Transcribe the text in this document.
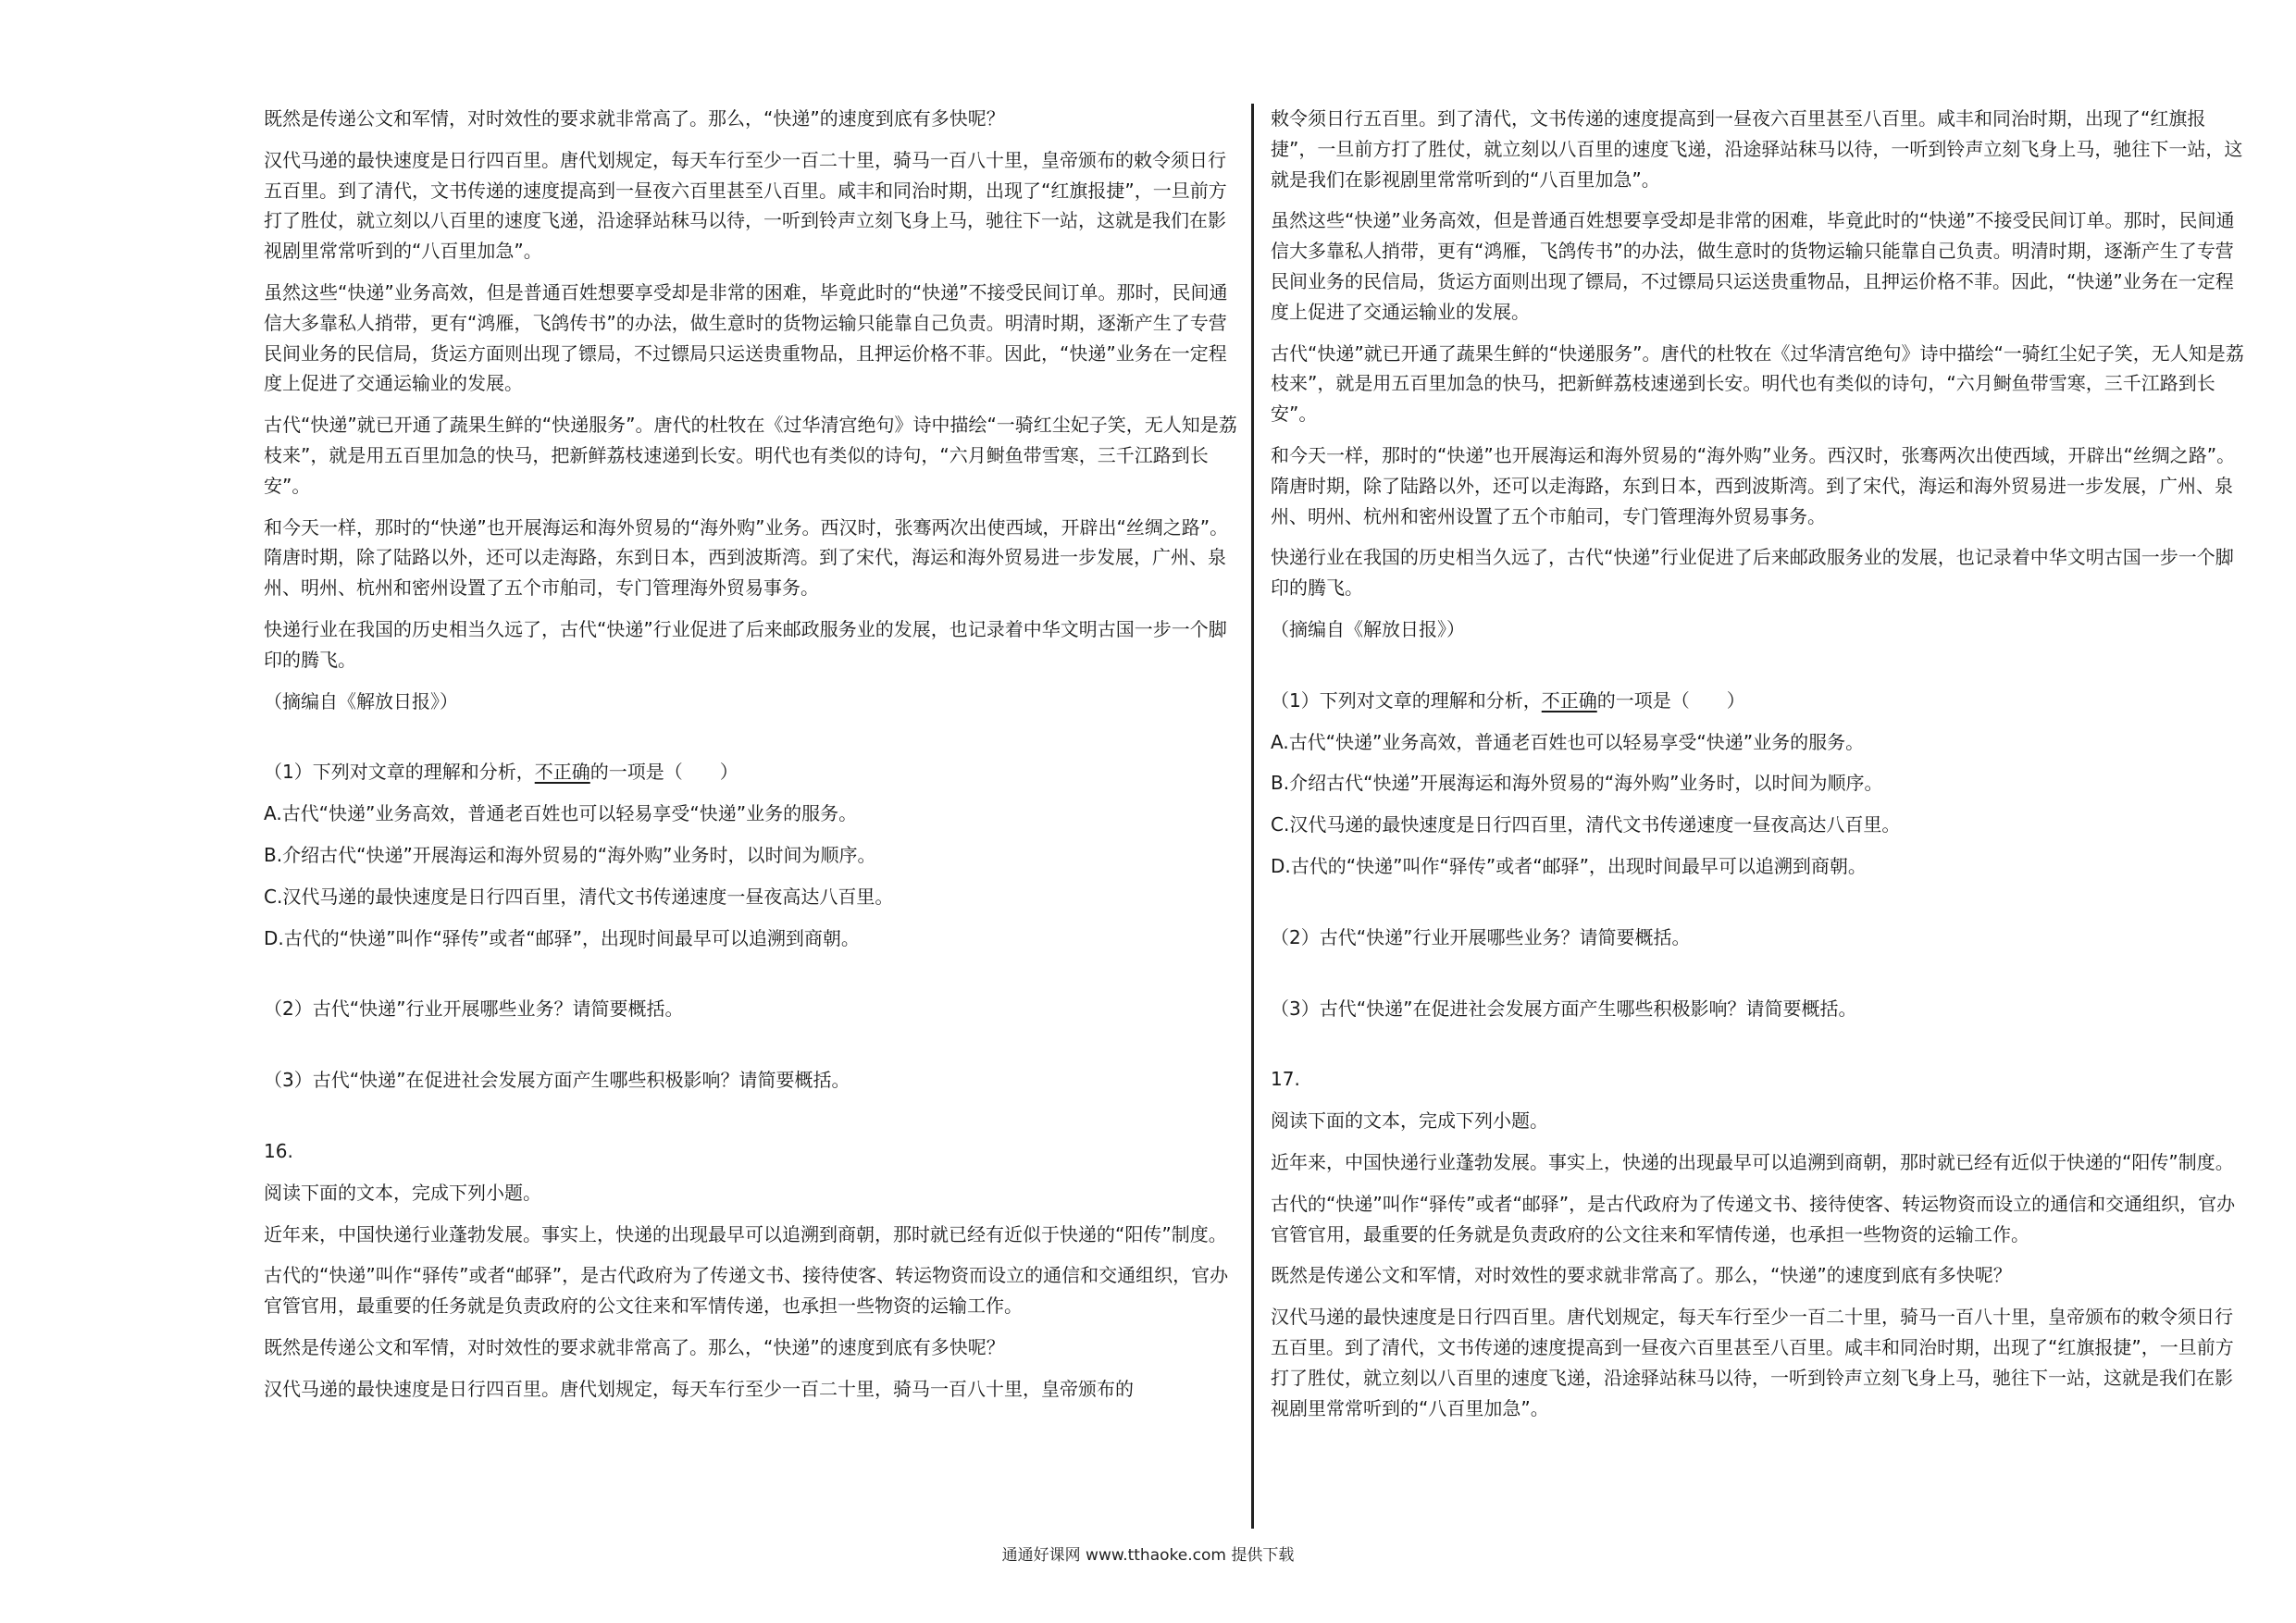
既然是传递公文和军情，对时效性的要求就非常高了。那么，“快递”的速度到底有多快呢？

汉代马递的最快速度是日行四百里。唐代划规定，每天车行至少一百二十里，骑马一百八十里，皇帝颁布的敕令须日行五百里。到了清代，文书传递的速度提高到一昼夜六百里甚至八百里。咸丰和同治时期，出现了“红旗报捷”，一旦前方打了胜仗，就立刻以八百里的速度飞递，沿途驿站秣马以待，一听到铃声立刻飞身上马，驰往下一站，这就是我们在影视剧里常常听到的“八百里加急”。

虽然这些“快递”业务高效，但是普通百姓想要享受却是非常的困难，毕竟此时的“快递”不接受民间订单。那时，民间通信大多靠私人捎带，更有“鸿雁，飞鸽传书”的办法，做生意时的货物运输只能靠自己负责。明清时期，逐渐产生了专营民间业务的民信局，货运方面则出现了镖局，不过镖局只运送贵重物品，且押运价格不菲。因此，“快递”业务在一定程度上促进了交通运输业的发展。

古代“快递”就已开通了蔬果生鲜的“快递服务”。唐代的杜牧在《过华清宫绝句》诗中描绘“一骑红尘妃子笑，无人知是荔枝来”，就是用五百里加急的快马，把新鲜荔枝速递到长安。明代也有类似的诗句，“六月鲥鱼带雪寒，三千江路到长安”。

和今天一样，那时的“快递”也开展海运和海外贸易的“海外购”业务。西汉时，张骞两次出使西域，开辟出“丝绸之路”。隋唐时期，除了陆路以外，还可以走海路，东到日本，西到波斯湾。到了宋代，海运和海外贸易进一步发展，广州、泉州、明州、杭州和密州设置了五个市舶司，专门管理海外贸易事务。

快递行业在我国的历史相当久远了，古代“快递”行业促进了后来邮政服务业的发展，也记录着中华文明古国一步一个脚印的腾飞。

（摘编自《解放日报》）

（1）下列对文章的理解和分析，不正确的一项是（　　）

A.古代“快递”业务高效，普通老百姓也可以轻易享受“快递”业务的服务。

B.介绍古代“快递”开展海运和海外贸易的“海外购”业务时，以时间为顺序。

C.汉代马递的最快速度是日行四百里，清代文书传递速度一昼夜高达八百里。

D.古代的“快递”叫作“驿传”或者“邮驿”，出现时间最早可以追溯到商朝。

（2）古代“快递”行业开展哪些业务？请简要概括。

（3）古代“快递”在促进社会发展方面产生哪些积极影响？请简要概括。

16.

阅读下面的文本，完成下列小题。

近年来，中国快递行业蓬勃发展。事实上，快递的出现最早可以追溯到商朝，那时就已经有近似于快递的“阳传”制度。

古代的“快递”叫作“驿传”或者“邮驿”，是古代政府为了传递文书、接待使客、转运物资而设立的通信和交通组织，官办官管官用，最重要的任务就是负责政府的公文往来和军情传递，也承担一些物资的运输工作。

既然是传递公文和军情，对时效性的要求就非常高了。那么，“快递”的速度到底有多快呢？

汉代马递的最快速度是日行四百里。唐代划规定，每天车行至少一百二十里，骑马一百八十里，皇帝颁布的

敕令须日行五百里。到了清代，文书传递的速度提高到一昼夜六百里甚至八百里。咸丰和同治时期，出现了“红旗报捷”，一旦前方打了胜仗，就立刻以八百里的速度飞递，沿途驿站秣马以待，一听到铃声立刻飞身上马，驰往下一站，这就是我们在影视剧里常常听到的“八百里加急”。

虽然这些“快递”业务高效，但是普通百姓想要享受却是非常的困难，毕竟此时的“快递”不接受民间订单。那时，民间通信大多靠私人捎带，更有“鸿雁，飞鸽传书”的办法，做生意时的货物运输只能靠自己负责。明清时期，逐渐产生了专营民间业务的民信局，货运方面则出现了镖局，不过镖局只运送贵重物品，且押运价格不菲。因此，“快递”业务在一定程度上促进了交通运输业的发展。

古代“快递”就已开通了蔬果生鲜的“快递服务”。唐代的杜牧在《过华清宫绝句》诗中描绘“一骑红尘妃子笑，无人知是荔枝来”，就是用五百里加急的快马，把新鲜荔枝速递到长安。明代也有类似的诗句，“六月鲥鱼带雪寒，三千江路到长安”。

和今天一样，那时的“快递”也开展海运和海外贸易的“海外购”业务。西汉时，张骞两次出使西域，开辟出“丝绸之路”。隋唐时期，除了陆路以外，还可以走海路，东到日本，西到波斯湾。到了宋代，海运和海外贸易进一步发展，广州、泉州、明州、杭州和密州设置了五个市舶司，专门管理海外贸易事务。

快递行业在我国的历史相当久远了，古代“快递”行业促进了后来邮政服务业的发展，也记录着中华文明古国一步一个脚印的腾飞。

（摘编自《解放日报》）

（1）下列对文章的理解和分析，不正确的一项是（　　）

A.古代“快递”业务高效，普通老百姓也可以轻易享受“快递”业务的服务。

B.介绍古代“快递”开展海运和海外贸易的“海外购”业务时，以时间为顺序。

C.汉代马递的最快速度是日行四百里，清代文书传递速度一昼夜高达八百里。

D.古代的“快递”叫作“驿传”或者“邮驿”，出现时间最早可以追溯到商朝。

（2）古代“快递”行业开展哪些业务？请简要概括。

（3）古代“快递”在促进社会发展方面产生哪些积极影响？请简要概括。

17.

阅读下面的文本，完成下列小题。

近年来，中国快递行业蓬勃发展。事实上，快递的出现最早可以追溯到商朝，那时就已经有近似于快递的“阳传”制度。

古代的“快递”叫作“驿传”或者“邮驿”，是古代政府为了传递文书、接待使客、转运物资而设立的通信和交通组织，官办官管官用，最重要的任务就是负责政府的公文往来和军情传递，也承担一些物资的运输工作。

既然是传递公文和军情，对时效性的要求就非常高了。那么，“快递”的速度到底有多快呢？

汉代马递的最快速度是日行四百里。唐代划规定，每天车行至少一百二十里，骑马一百八十里，皇帝颁布的敕令须日行五百里。到了清代，文书传递的速度提高到一昼夜六百里甚至八百里。咸丰和同治时期，出现了“红旗报捷”，一旦前方打了胜仗，就立刻以八百里的速度飞递，沿途驿站秣马以待，一听到铃声立刻飞身上马，驰往下一站，这就是我们在影视剧里常常听到的“八百里加急”。

通通好课网 www.tthaoke.com 提供下载
